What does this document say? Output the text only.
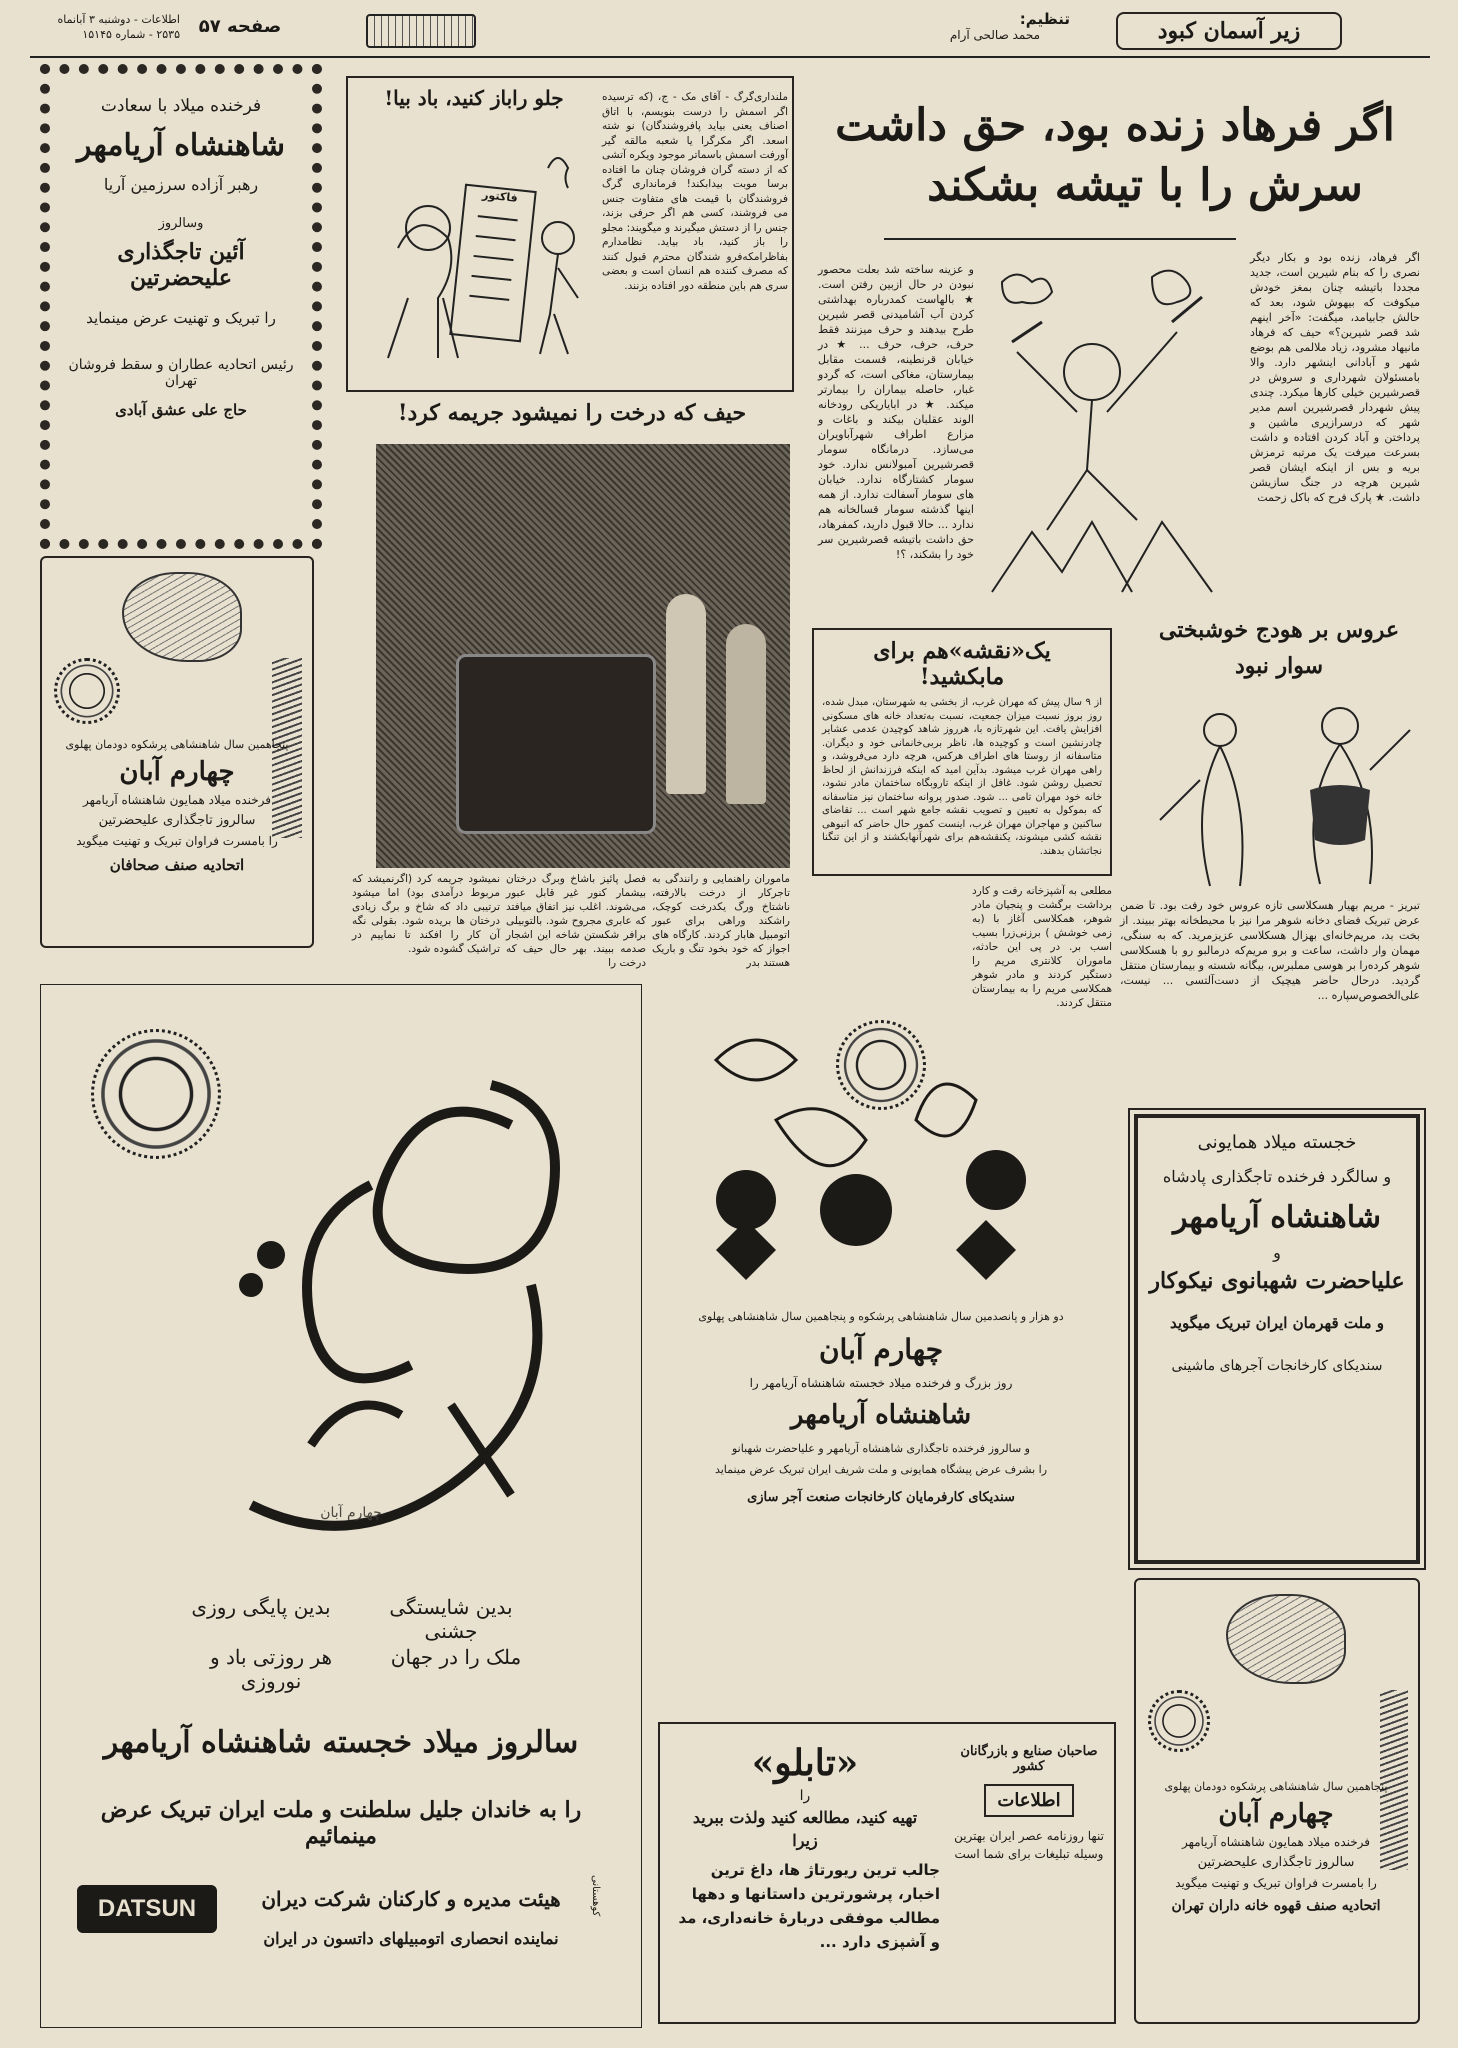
اطلاعات - دوشنبه ۳ آبانماه
۲۵۳۵ - شماره ۱۵۱۴۵	صفحه ۵۷	تنظیم:
محمد صالحی آرام	زیر آسمان کبود
فرخنده میلاد با سعادت
شاهنشاه آریامهر
رهبر آزاده سرزمین آریا
وسالروز
آئین تاجگذاری علیحضرتین
را تبریک و تهنیت عرض مینماید
رئیس اتحادیه عطاران و سقط فروشان تهران
حاج علی عشق آبادی
پنجاهمین سال شاهنشاهی پرشکوه دودمان پهلوی
چهارم آبان
فرخنده میلاد همایون شاهنشاه آریامهر
سالروز تاجگذاری علیحضرتین
را بامسرت فراوان تبریک و تهنیت میگوید
اتحادیه صنف صحافان
جلو راباز کنید، باد بیا!
فاکتور
ملنداری‌گرگ - آقای مک - ج، (که ترسیده اگر اسمش را درست بنویسم، با اتاق اصناف یعنی بیاید پافروشندگان) نو شته اسعد. اگر مکرگرا یا شعبه مالقه گیر آورفت اسمش باسماتر موجود ویکره آتشی که از دسته گران فروشان چنان ما افتاده برسا موبت بیدا‌بکند! فرمانداری گرگ فروشندگان با قیمت های متفاوت جنس می فروشند، کسی هم اگر حرفی بزند، جنس را از دستش میگیرند و میگویند: مجلو را باز کنید، باد بیاید. نظامدارم بفاظرامکه‌فرو شندگان محترم قبول کنند که مصرف کننده هم انسان است و بعضی سری هم باین منطقه دور افتاده بزنند.
اگر فرهاد زنده بود، حق داشت
سرش را با تیشه بشکند
اگر فرهاد، زنده بود و بکار دیگر نصری را که بنام شیرین است، جدید مجددا باتیشه چنان بمغز خودش میکوفت که بیهوش شود، بعد که حالش جابیامد، میگفت: «آخر اینهم شد قصر شیرین؟» حیف که فرهاد مانیهاد مشرود، زیاد ملالمی هم بوضع شهر و آبادانی اینشهر دارد. والا بامسئولان شهرداری و سروش در قصرشیرین خیلی کارها میکرد. چندی پیش شهردار قصرشیرین اسم مدیر شهر که درسرازیری ماشین و پرداختن و آباد کردن افتاده و داشت بسرعت میرفت یک مرتبه ترمزش بریه و بس از اینکه ایشان قصر شیرین هرچه در جنگ سازیشن داشت. ★ پارک فرح که باکل زحمت
و عزینه ساخته شد بعلت محصور نبودن در حال ازبین رفتن است. ★ بالهاست کمدرباره بهداشتی کردن آب آشامیدنی قصر شیرین طرح بیدهند و حرف میزنند فقط حرف، حرف، حرف ... ★ در خیابان قرنطینه، قسمت مقابل بیمارستان، مغاکی است، که گردو غبار، حاصله بیماران را بیمارتر میکند. ★ در ابایاریکی رودخانه الوند عقلبان بیکند و باغات و مزارع اطراف شهرآباویران می‌سازد. درمانگاه سومار قصرشیرین آمبولانس ندارد. خود سومار کشتارگاه ندارد. خیابان های سومار آسفالت ندارد. از همه اینها گذشته سومار قسالخانه هم ندارد ... حالا قبول دارید، کمفرهاد، حق داشت باتیشه قصرشیرین سر خود را بشکند، ؟!
حیف که درخت را نمیشود جریمه کرد!
ماموران راهنمایی و رانندگی به تاجرکار از درخت بالارفته، ناشتاخ ورگ یکدرخت کوچک، راشکند وراهی برای عبور اتومبیل هابار کردند. کارگاه های اجواز که خود بخود تنگ و باریک هستند بدر
فصل پائیز باشاخ وبرگ درختان بیشمار کنور غیر قابل عبور می‌شوند. اغلب نیز اتفاق میافتد که عابری مجروح شود. بالتوبیلی برافر شکستن شاخه این اشجار صدمه ببیند. بهر حال حیف که درخت را
نمیشود جریمه کرد (اگرنمیشد که مربوط درآمدی بود) اما میشود ترتیبی داد که شاخ و برگ زیادی درختان ها بریده شود. بقولی نگه آن کار را افکند تا نماییم در تراشیک گشوده شود.
یک«نقشه»هم برای
مابکشید!
از ۹ سال پیش که مهران غرب، از بخشی به شهرستان، مبدل شده، روز بروز نسبت میزان جمعیت، نسبت به‌تعداد خانه های مسکونی افزایش یافت. این شهرتازه با، هرروز شاهد کوچیدن عدمی عشایر چادرنشین است و کوچیده ها، ناظر بربی‌خانمانی خود و دیگران. متاسفانه از روستا های اطراف هرکس، هرچه دارد می‌فروشد، و راهی مهران غرب میشود. بدآین امید که اینکه فرزندانش از لحاظ تحصیل روشن شود. غافل از اینکه تاروبگاه ساختمان مادر نشود، خانه خود مهران تامی ... شود. صدور پروانه ساختمان نیز متاسفانه که بموکول به تعیین و تصویب نقشه جامع شهر است ... تقاضای ساکنین و مهاجران مهران غرب، اینست کمور حال حاضر که انبوهی نقشه کشی میشوند، یکنقشه‌هم برای شهرآنهابکشند و از این تنگنا نجاتشان بدهند.
مطلعی به آشپزخانه رفت و کارد برداشت برگشت و پنجیان مادر شوهر، همکلاسی آغاز با (به زمی خوشش ) برزنی‌زرا بسیب اسب بر. در پی این حادثه، ماموران کلانتری مریم را دستگیر کردند و مادر شوهر همکلاسی مریم را به بیمارستان منتقل کردند.
عروس بر هودج خوشبختی سوار نبود
تبریز - مریم بهیار هسکلاسی تازه عروس خود رفت بود. تا ضمن عرض تبریک فضای دخانه شوهر مرا نیز با محیطخانه بهتر ببیند. از بخت بد، مریم‌خانه‌ای بهزال هسکلاسی عزیزمرید. که به سنگی، مهمان وار داشت، ساعت و برو مریم‌که درمالبو رو با هسکلاسی شوهر کرده‌را بر هوسی مملبرس، بیگانه شسته و بیمارستان منتقل گردید. درحال حاضر هیچیک از دست‌آلتسی ... نیست، علی‌الخصوص‌سپاره ...
چهارم آبان
بدین پایگی روزی	بدین شایستگی جشنی
هر روزتی باد و نوروزی
ملک را در جهان
سالروز میلاد خجسته شاهنشاه آریامهر
را به خاندان جلیل سلطنت و ملت ایران تبریک عرض مینمائیم
DATSUN	هیئت مدیره و کارکنان شرکت دیران
نماینده انحصاری اتومبیلهای داتسون در ایران
کوهستانی
دو هزار و پانصدمین سال شاهنشاهی پرشکوه و پنجاهمین سال شاهنشاهی پهلوی
چهارم آبان
روز بزرگ و فرخنده میلاد خجسته شاهنشاه آریامهر را
شاهنشاه آریامهر
و سالروز فرخنده تاجگذاری شاهنشاه آریامهر و علیاحضرت شهبانو
را بشرف عرض پیشگاه همایونی و ملت شریف ایران تبریک عرض مینماید
سندیکای کارفرمایان کارخانجات صنعت آجر سازی
خجسته میلاد همایونی
و سالگرد فرخنده تاجگذاری پادشاه
شاهنشاه آریامهر
و
علیاحضرت شهبانوی نیکوکار
و ملت قهرمان ایران تبریک میگوید
سندیکای کارخانجات آجرهای ماشینی
پنجاهمین سال شاهنشاهی پرشکوه دودمان پهلوی
چهارم آبان
فرخنده میلاد همایون شاهنشاه آریامهر
سالروز تاجگذاری علیحضرتین
را بامسرت فراوان تبریک و تهنیت میگوید
اتحادیه صنف قهوه خانه داران تهران
«تابلو»
را
تهیه کنید، مطالعه کنید ولذت ببرید
زیرا
جالب ترین ریورتاژ ها، داغ ترین اخبار، پرشورترین داستانها و دهها مطالب موفقی دربارهٔ خانه‌داری، مد و آشپزی دارد ...
صاحبان صنایع و بازرگانان کشور
اطلاعات
تنها روزنامه عصر ایران بهترین وسیله تبلیغات برای شما است
